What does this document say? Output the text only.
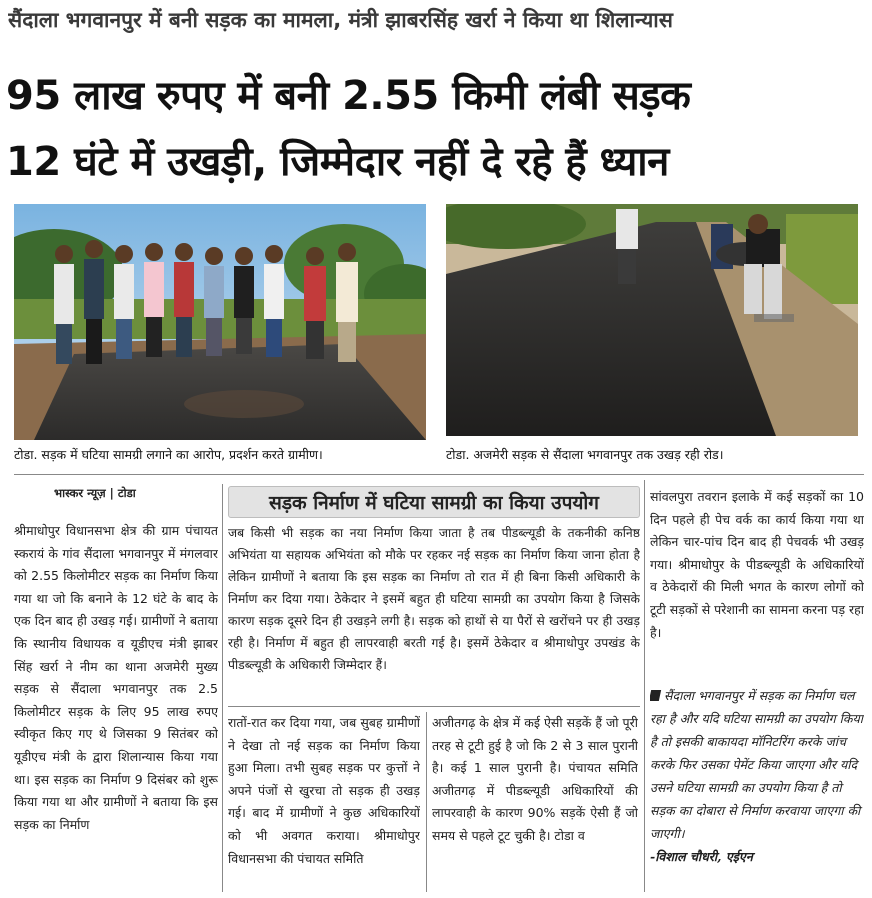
सैंदाला भगवानपुर में बनी सड़क का मामला, मंत्री झाबरसिंह खर्रा ने किया था शिलान्यास
95 लाख रुपए में बनी 2.55 किमी लंबी सड़क
12 घंटे में उखड़ी, जिम्मेदार नहीं दे रहे हैं ध्यान
टोडा. सड़क में घटिया सामग्री लगाने का आरोप, प्रदर्शन करते ग्रामीण।	टोडा. अजमेरी सड़क से सैंदाला भगवानपुर तक उखड़ रही रोड।
भास्कर न्यूज़ | टोडा	सड़क निर्माण में घटिया सामग्री का किया उपयोग
श्रीमाधोपुर विधानसभा क्षेत्र की ग्राम पंचायत स्करायं के गांव सैंदाला भगवानपुर में मंगलवार को 2.55 किलोमीटर सड़क का निर्माण किया गया था जो कि बनाने के 12 घंटे के बाद के एक दिन बाद ही उखड़ गई। ग्रामीणों ने बताया कि स्थानीय विधायक व यूडीएच मंत्री झाबर सिंह खर्रा ने नीम का थाना अजमेरी मुख्य सड़क से सैंदाला भगवानपुर तक 2.5 किलोमीटर सड़क के लिए 95 लाख रुपए स्वीकृत किए गए थे जिसका 9 सितंबर को यूडीएच मंत्री के द्वारा शिलान्यास किया गया था। इस सड़क का निर्माण 9 दिसंबर को शुरू किया गया था और ग्रामीणों ने बताया कि इस सड़क का निर्माण
जब किसी भी सड़क का नया निर्माण किया जाता है तब पीडब्ल्यूडी के तकनीकी कनिष्ठ अभियंता या सहायक अभियंता को मौके पर रहकर नई सड़क का निर्माण किया जाना होता है लेकिन ग्रामीणों ने बताया कि इस सड़क का निर्माण तो रात में ही बिना किसी अधिकारी के निर्माण कर दिया गया। ठेकेदार ने इसमें बहुत ही घटिया सामग्री का उपयोग किया है जिसके कारण सड़क दूसरे दिन ही उखड़ने लगी है। सड़क को हाथों से या पैरों से खरोंचने पर ही उखड़ रही है। निर्माण में बहुत ही लापरवाही बरती गई है। इसमें ठेकेदार व श्रीमाधोपुर उपखंड के पीडब्ल्यूडी के अधिकारी जिम्मेदार हैं।
रातों-रात कर दिया गया, जब सुबह ग्रामीणों ने देखा तो नई सड़क का निर्माण किया हुआ मिला। तभी सुबह सड़क पर कुत्तों ने अपने पंजों से खुरचा तो सड़क ही उखड़ गई। बाद में ग्रामीणों ने कुछ अधिकारियों को भी अवगत कराया। श्रीमाधोपुर विधानसभा की पंचायत समिति
अजीतगढ़ के क्षेत्र में कई ऐसी सड़कें हैं जो पूरी तरह से टूटी हुई है जो कि 2 से 3 साल पुरानी है। कई 1 साल पुरानी है। पंचायत समिति अजीतगढ़ में पीडब्ल्यूडी अधिकारियों की लापरवाही के कारण 90% सड़कें ऐसी हैं जो समय से पहले टूट चुकी है। टोडा व
सांवलपुरा तवरान इलाके में कई सड़कों का 10 दिन पहले ही पेच वर्क का कार्य किया गया था लेकिन चार-पांच दिन बाद ही पेचवर्क भी उखड़ गया। श्रीमाधोपुर के पीडब्ल्यूडी के अधिकारियों व ठेकेदारों की मिली भगत के कारण लोगों को टूटी सड़कों से परेशानी का सामना करना पड़ रहा है।
सैंदाला भगवानपुर में सड़क का निर्माण चल रहा है और यदि घटिया सामग्री का उपयोग किया है तो इसकी बाकायदा मॉनिटरिंग करके जांच करके फिर उसका पेमेंट किया जाएगा और यदि उसने घटिया सामग्री का उपयोग किया है तो सड़क का दोबारा से निर्माण करवाया जाएगा की जाएगी।
-विशाल चौधरी, एईएन
